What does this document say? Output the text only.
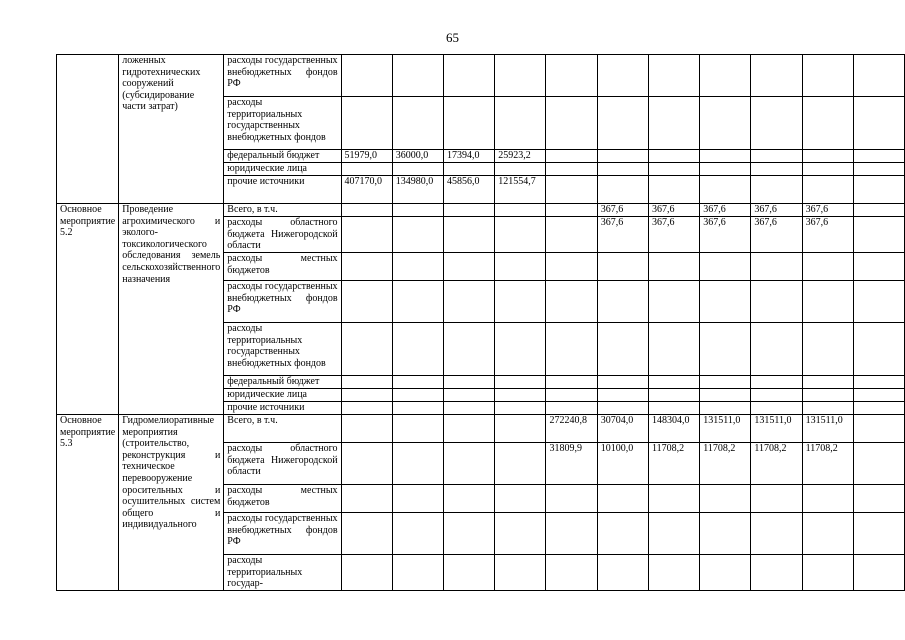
65
	ложенных гидротехнических сооружений (субсидирование части затрат)	расходы государственных внебюджетных фондов РФ											
		расходы территориальных государственных внебюджетных фондов											
		федеральный бюджет	51979,0	36000,0	17394,0	25923,2							
		юридические лица											
		прочие источники	407170,0	134980,0	45856,0	121554,7							
Основное мероприятие 5.2	Проведение агрохимического и эколого-токсикологического обследования земель сельскохозяйственного назначения	Всего, в т.ч.						367,6	367,6	367,6	367,6	367,6	
		расходы областного бюджета Нижегородской области						367,6	367,6	367,6	367,6	367,6	
		расходы местных бюджетов											
		расходы государственных внебюджетных фондов РФ											
		расходы территориальных государственных внебюджетных фондов											
		федеральный бюджет											
		юридические лица											
		прочие источники											
Основное мероприятие 5.3	Гидромелиоративные мероприятия (строительство, реконструкция и техническое перевооружение оросительных и осушительных систем общего и индивидуального	Всего, в т.ч.					272240,8	30704,0	148304,0	131511,0	131511,0	131511,0	
		расходы областного бюджета Нижегородской области					31809,9	10100,0	11708,2	11708,2	11708,2	11708,2	
		расходы местных бюджетов											
		расходы государственных внебюджетных фондов РФ											
		расходы территориальных государ-											
